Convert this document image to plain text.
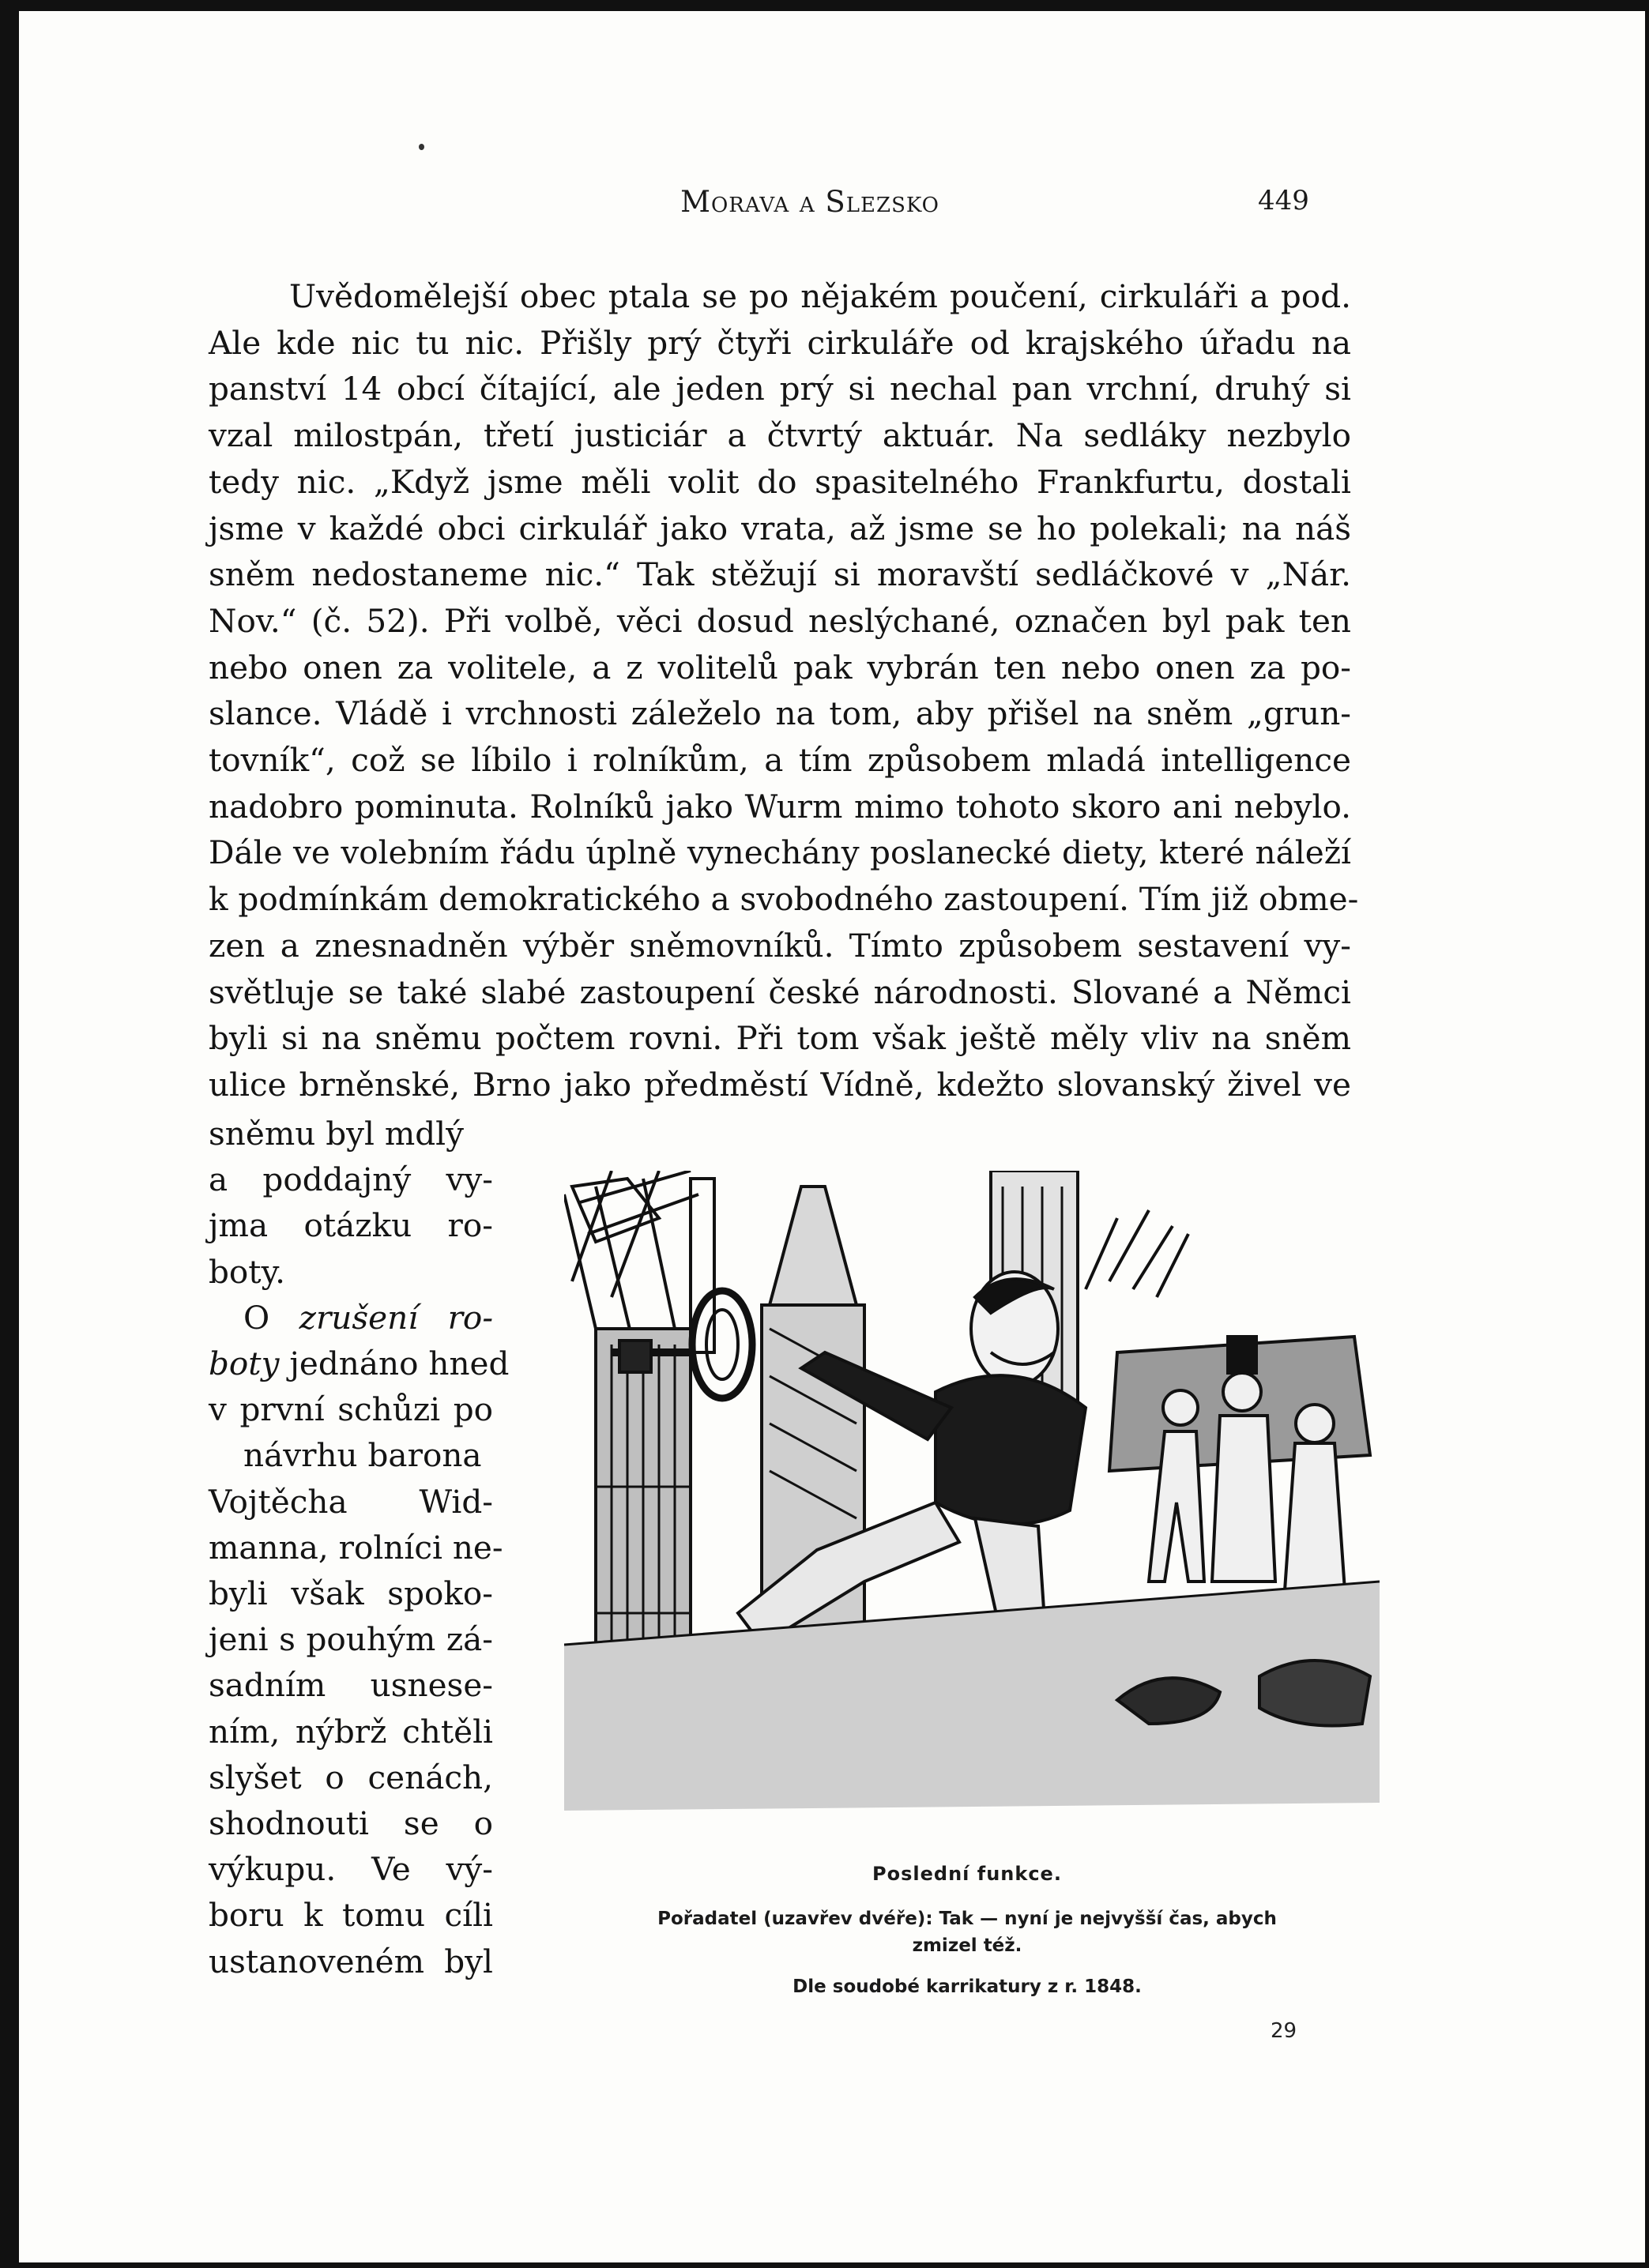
Morava a Slezsko	449

Uvědomělejší obec ptala se po nějakém poučení, cirkuláři a pod.
Ale kde nic tu nic. Přišly prý čtyři cirkuláře od krajského úřadu na
panství 14 obcí čítající, ale jeden prý si nechal pan vrchní, druhý si
vzal milostpán, třetí justiciár a čtvrtý aktuár. Na sedláky nezbylo
tedy nic. „Když jsme měli volit do spasitelného Frankfurtu, dostali
jsme v každé obci cirkulář jako vrata, až jsme se ho polekali; na náš
sněm nedostaneme nic.“ Tak stěžují si moravští sedláčkové v „Nár.
Nov.“ (č. 52). Při volbě, věci dosud neslýchané, označen byl pak ten
nebo onen za volitele, a z volitelů pak vybrán ten nebo onen za po-
slance. Vládě i vrchnosti záleželo na tom, aby přišel na sněm „grun-
tovník“, což se líbilo i rolníkům, a tím způsobem mladá intelligence
nadobro pominuta. Rolníků jako Wurm mimo tohoto skoro ani nebylo.
Dále ve volebním řádu úplně vynechány poslanecké diety, které náleží
k podmínkám demokratického a svobodného zastoupení. Tím již obme-
zen a znesnadněn výběr sněmovníků. Tímto způsobem sestavení vy-
světluje se také slabé zastoupení české národnosti. Slované a Němci
byli si na sněmu počtem rovni. Při tom však ještě měly vliv na sněm
ulice brněnské, Brno jako předměstí Vídně, kdežto slovanský živel ve

sněmu byl mdlý
a poddajný vy-
jma otázku ro-
boty.
O zrušení ro-
boty jednáno hned
v první schůzi po
návrhu barona
Vojtěcha Wid-
manna, rolníci ne-
byli však spoko-
jeni s pouhým zá-
sadním usnese-
ním, nýbrž chtěli
slyšet o cenách,
shodnouti se o
výkupu. Ve vý-
boru k tomu cíli
ustanoveném byl
Poslední funkce.
Pořadatel (uzavřev dvéře): Tak — nyní je nejvyšší čas, abych
zmizel též.
Dle soudobé karrikatury z r. 1848.
29
